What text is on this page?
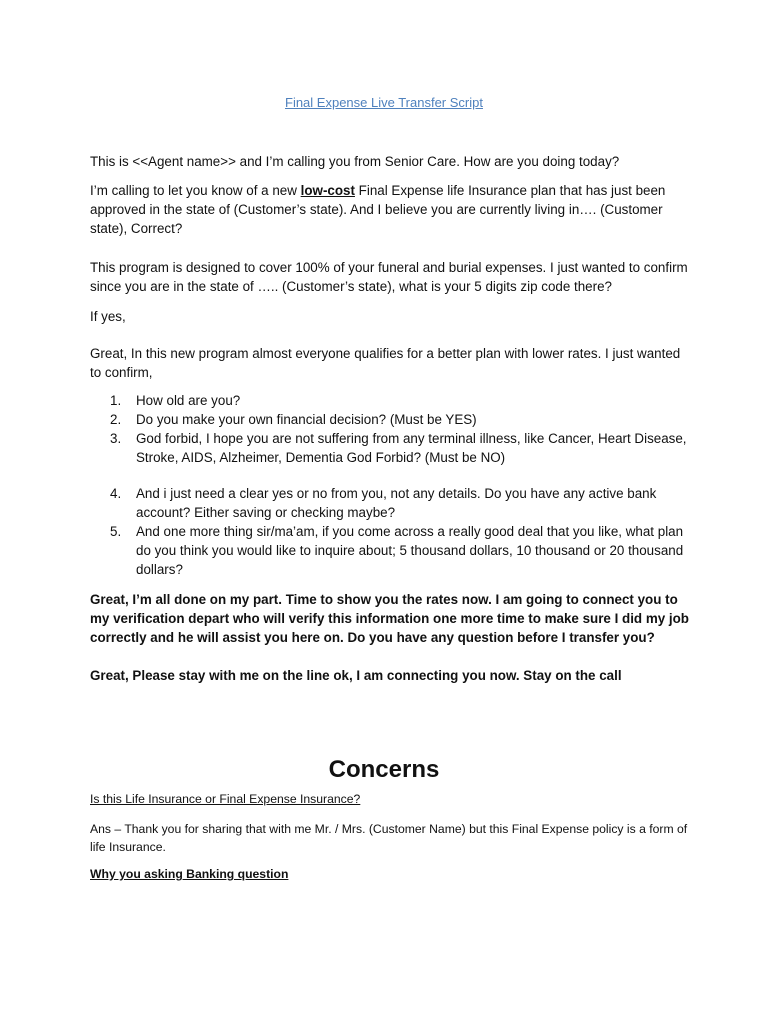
Final Expense Live Transfer Script

This is <<Agent name>> and I’m calling you from Senior Care. How are you doing today?

I’m calling to let you know of a new low-cost Final Expense life Insurance plan that has just been approved in the state of (Customer’s state). And I believe you are currently living in…. (Customer state), Correct?

This program is designed to cover 100% of your funeral and burial expenses. I just wanted to confirm since you are in the state of ….. (Customer’s state), what is your 5 digits zip code there?

If yes,

Great, In this new program almost everyone qualifies for a better plan with lower rates. I just wanted to confirm,

1. How old are you?
2. Do you make your own financial decision? (Must be YES)
3. God forbid, I hope you are not suffering from any terminal illness, like Cancer, Heart Disease, Stroke, AIDS, Alzheimer, Dementia God Forbid? (Must be NO)
4. And i just need a clear yes or no from you, not any details. Do you have any active bank account? Either saving or checking maybe?
5. And one more thing sir/ma’am, if you come across a really good deal that you like, what plan do you think you would like to inquire about; 5 thousand dollars, 10 thousand or 20 thousand dollars?

Great, I’m all done on my part. Time to show you the rates now. I am going to connect you to my verification depart who will verify this information one more time to make sure I did my job correctly and he will assist you here on. Do you have any question before I transfer you?

Great, Please stay with me on the line ok, I am connecting you now. Stay on the call

Concerns
Is this Life Insurance or Final Expense Insurance?
Ans – Thank you for sharing that with me Mr. / Mrs. (Customer Name) but this Final Expense policy is a form of life Insurance.
Why you asking Banking question
